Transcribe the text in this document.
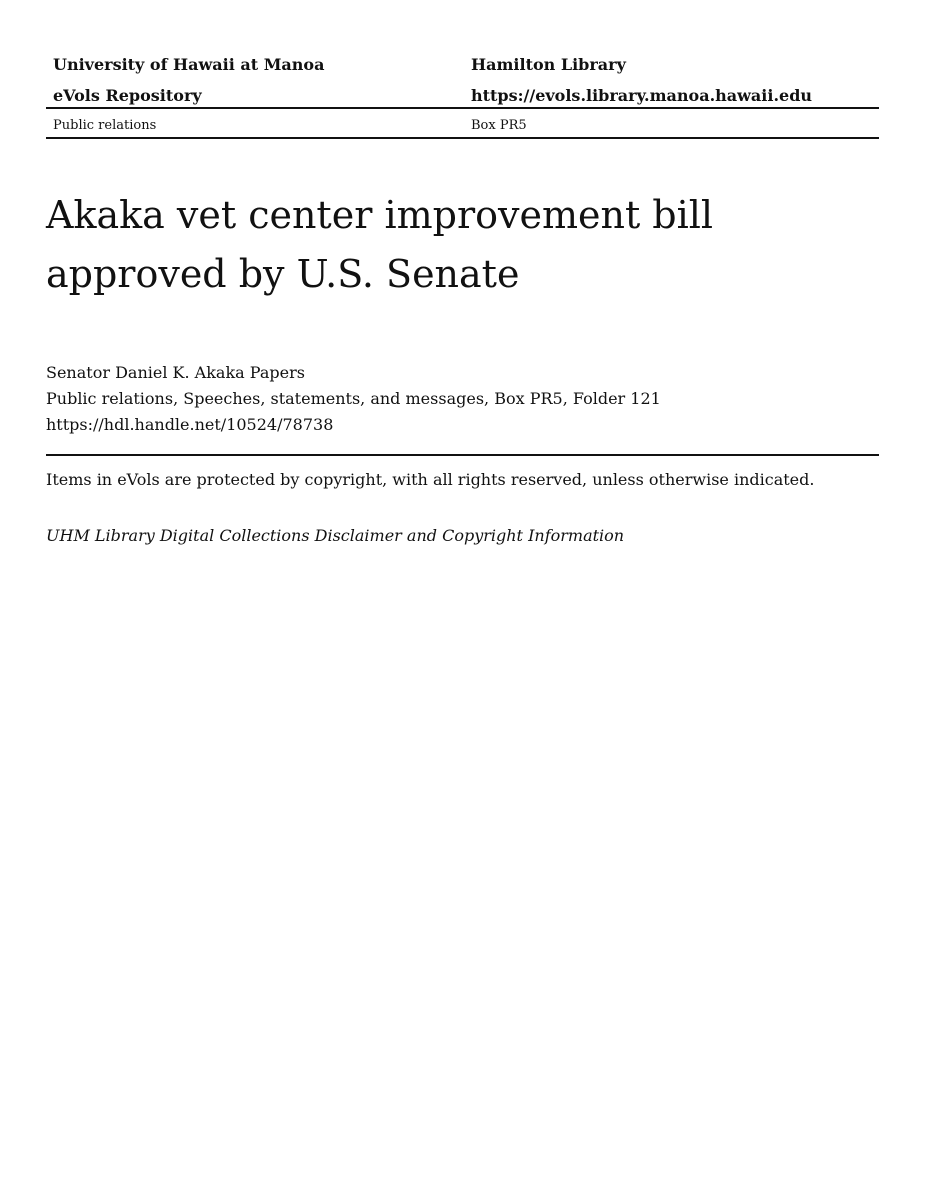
University of Hawaii at Manoa	Hamilton Library
eVols Repository	https://evols.library.manoa.hawaii.edu
Public relations	Box PR5
Akaka vet center improvement bill approved by U.S. Senate
Senator Daniel K. Akaka Papers
Public relations, Speeches, statements, and messages, Box PR5, Folder 121
https://hdl.handle.net/10524/78738
Items in eVols are protected by copyright, with all rights reserved, unless otherwise indicated.
UHM Library Digital Collections Disclaimer and Copyright Information
